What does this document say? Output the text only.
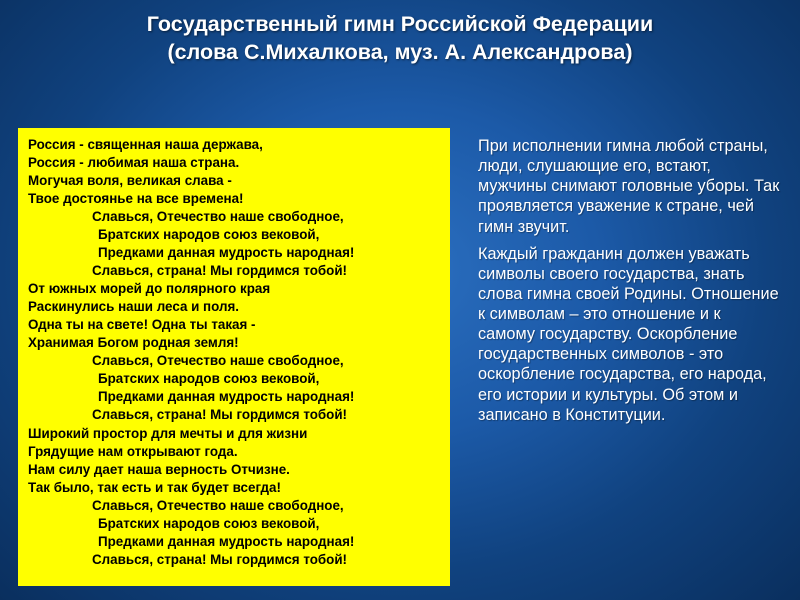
Государственный гимн Российской Федерации
(слова С.Михалкова, муз. А. Александрова)
Россия - священная наша держава,
Россия - любимая наша страна.
Могучая воля, великая слава -
Твое достоянье на все времена!
Славься, Отечество наше свободное,
Братских народов союз вековой,
Предками данная мудрость народная!
Славься, страна! Мы гордимся тобой!
От южных морей до полярного края
Раскинулись наши леса и поля.
Одна ты на свете! Одна ты такая -
Хранимая Богом родная земля!
Славься, Отечество наше свободное,
Братских народов союз вековой,
Предками данная мудрость народная!
Славься, страна! Мы гордимся тобой!
Широкий простор для мечты и для жизни
Грядущие нам открывают года.
Нам силу дает наша верность Отчизне.
Так было, так есть и так будет всегда!
Славься, Отечество наше свободное,
Братских народов союз вековой,
Предками данная мудрость народная!
Славься, страна! Мы гордимся тобой!

При исполнении гимна любой страны, люди, слушающие его, встают, мужчины снимают головные уборы. Так проявляется уважение к стране, чей гимн звучит.

Каждый гражданин должен уважать символы своего государства, знать слова гимна своей Родины. Отношение к символам – это отношение и к самому государству. Оскорбление государственных символов - это оскорбление государства, его народа, его истории и культуры. Об этом и записано в Конституции.
